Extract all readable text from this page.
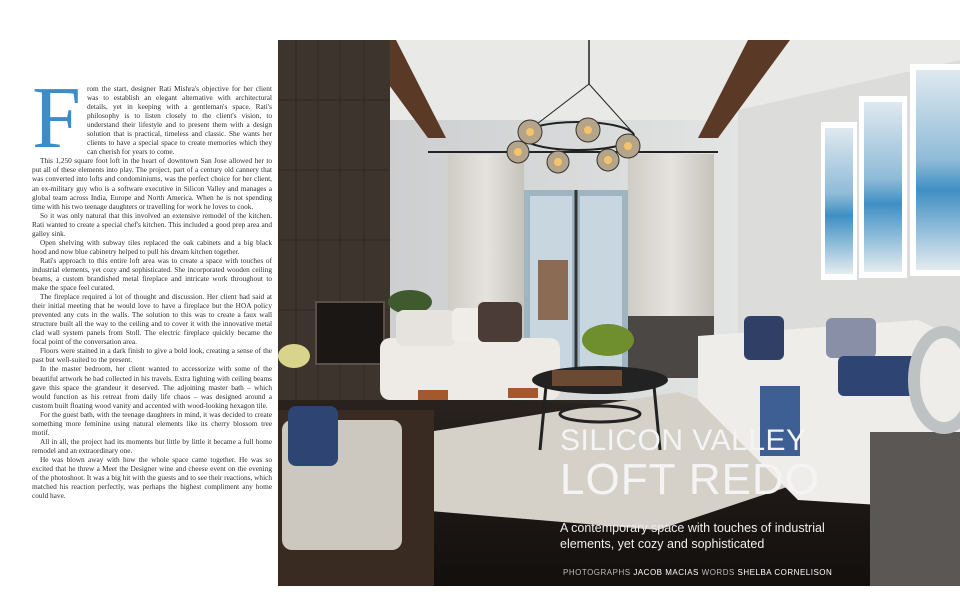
F rom the start, designer Rati Mishra's objective for her client was to establish an elegant alternative with architectural details, yet in keeping with a gentleman's space. Rati's philosophy is to listen closely to the client's vision, to understand their lifestyle and to present them with a design solution that is practical, timeless and classic. She wants her clients to have a special space to create memories which they can cherish for years to come.

This 1,250 square foot loft in the heart of downtown San Jose allowed her to put all of these elements into play. The project, part of a century old cannery that was converted into lofts and condominiums, was the perfect choice for her client, an ex-military guy who is a software executive in Silicon Valley and manages a global team across India, Europe and North America. When he is not spending time with his two teenage daughters or travelling for work he loves to cook.

So it was only natural that this involved an extensive remodel of the kitchen. Rati wanted to create a special chef's kitchen. This included a good prep area and galley sink.

Open shelving with subway tiles replaced the oak cabinets and a big black hood and now blue cabinetry helped to pull his dream kitchen together.

Rati's approach to this entire loft area was to create a space with touches of industrial elements, yet cozy and sophisticated. She incorporated wooden ceiling beams, a custom brandished metal fireplace and intricate work throughout to make the space feel curated.

The fireplace required a lot of thought and discussion. Her client had said at their initial meeting that he would love to have a fireplace but the HOA policy prevented any cuts in the walls. The solution to this was to create a faux wall structure built all the way to the ceiling and to cover it with the innovative metal clad wall system panels from Stoll. The electric fireplace quickly became the focal point of the conversation area.

Floors were stained in a dark finish to give a bold look, creating a sense of the past but well-suited to the present.

In the master bedroom, her client wanted to accessorize with some of the beautiful artwork he had collected in his travels. Extra lighting with ceiling beams gave this space the grandeur it deserved. The adjoining master bath – which would function as his retreat from daily life chaos – was designed around a custom built floating wood vanity and accented with wood-looking hexagon tile.

For the guest bath, with the teenage daughters in mind, it was decided to create something more feminine using natural elements like its cherry blossom tree motif.

All in all, the project had its moments but little by little it became a full home remodel and an extraordinary one.

He was blown away with how the whole space came together. He was so excited that he threw a Meet the Designer wine and cheese event on the evening of the photoshoot. It was a big hit with the guests and to see their reactions, which matched his reaction perfectly, was perhaps the highest compliment any home could have.

SILICON VALLEY
LOFT REDO
A contemporary space with touches of industrial elements, yet cozy and sophisticated
PHOTOGRAPHS JACOB MACIAS WORDS SHELBA CORNELISON
